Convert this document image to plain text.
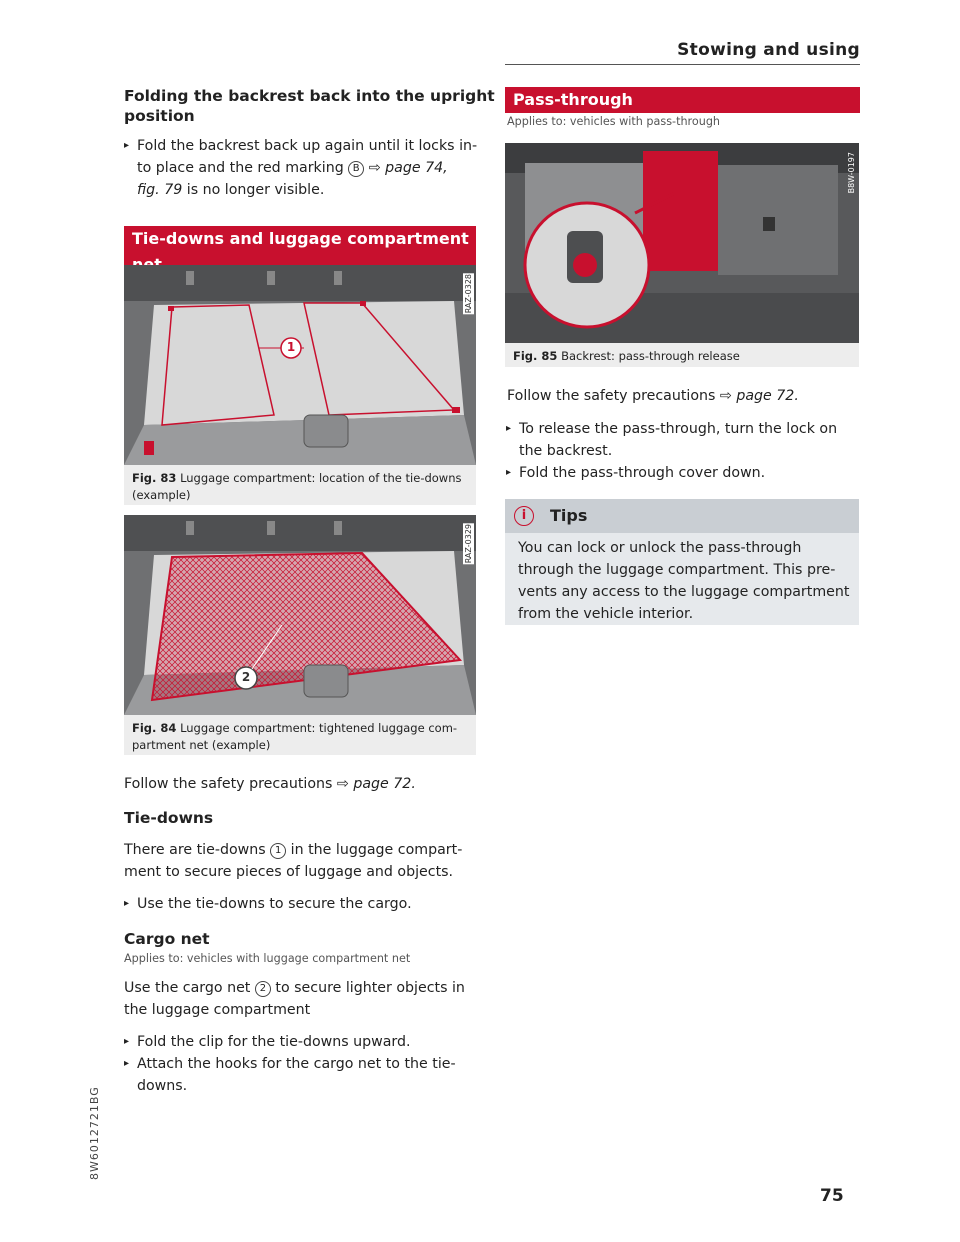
Stowing and using
Folding the backrest back into the upright
position
▸ Fold the backrest back up again until it locks in-
to place and the red marking B ⇨ page 74,
fig. 79 is no longer visible.
Tie-downs and luggage compartment
RAZ-0328
1
Fig. 83 Luggage compartment: location of the tie-downs
(example)
RAZ-0329
2
Fig. 84 Luggage compartment: tightened luggage com-
partment net (example)
Follow the safety precautions ⇨ page 72.
Tie-downs
There are tie-downs 1 in the luggage compart-
ment to secure pieces of luggage and objects.
▸ Use the tie-downs to secure the cargo.
Cargo net
Applies to: vehicles with luggage compartment net
Use the cargo net 2 to secure lighter objects in
the luggage compartment
▸ Fold the clip for the tie-downs upward.
▸ Attach the hooks for the cargo net to the tie-
downs.
Pass-through
Applies to: vehicles with pass-through
B8W-0197
Fig. 85 Backrest: pass-through release
Follow the safety precautions ⇨ page 72.
▸ To release the pass-through, turn the lock on
the backrest.
▸ Fold the pass-through cover down.
i	Tips
You can lock or unlock the pass-through
through the luggage compartment. This pre-
vents any access to the luggage compartment
from the vehicle interior.
8W6012721BG
75
